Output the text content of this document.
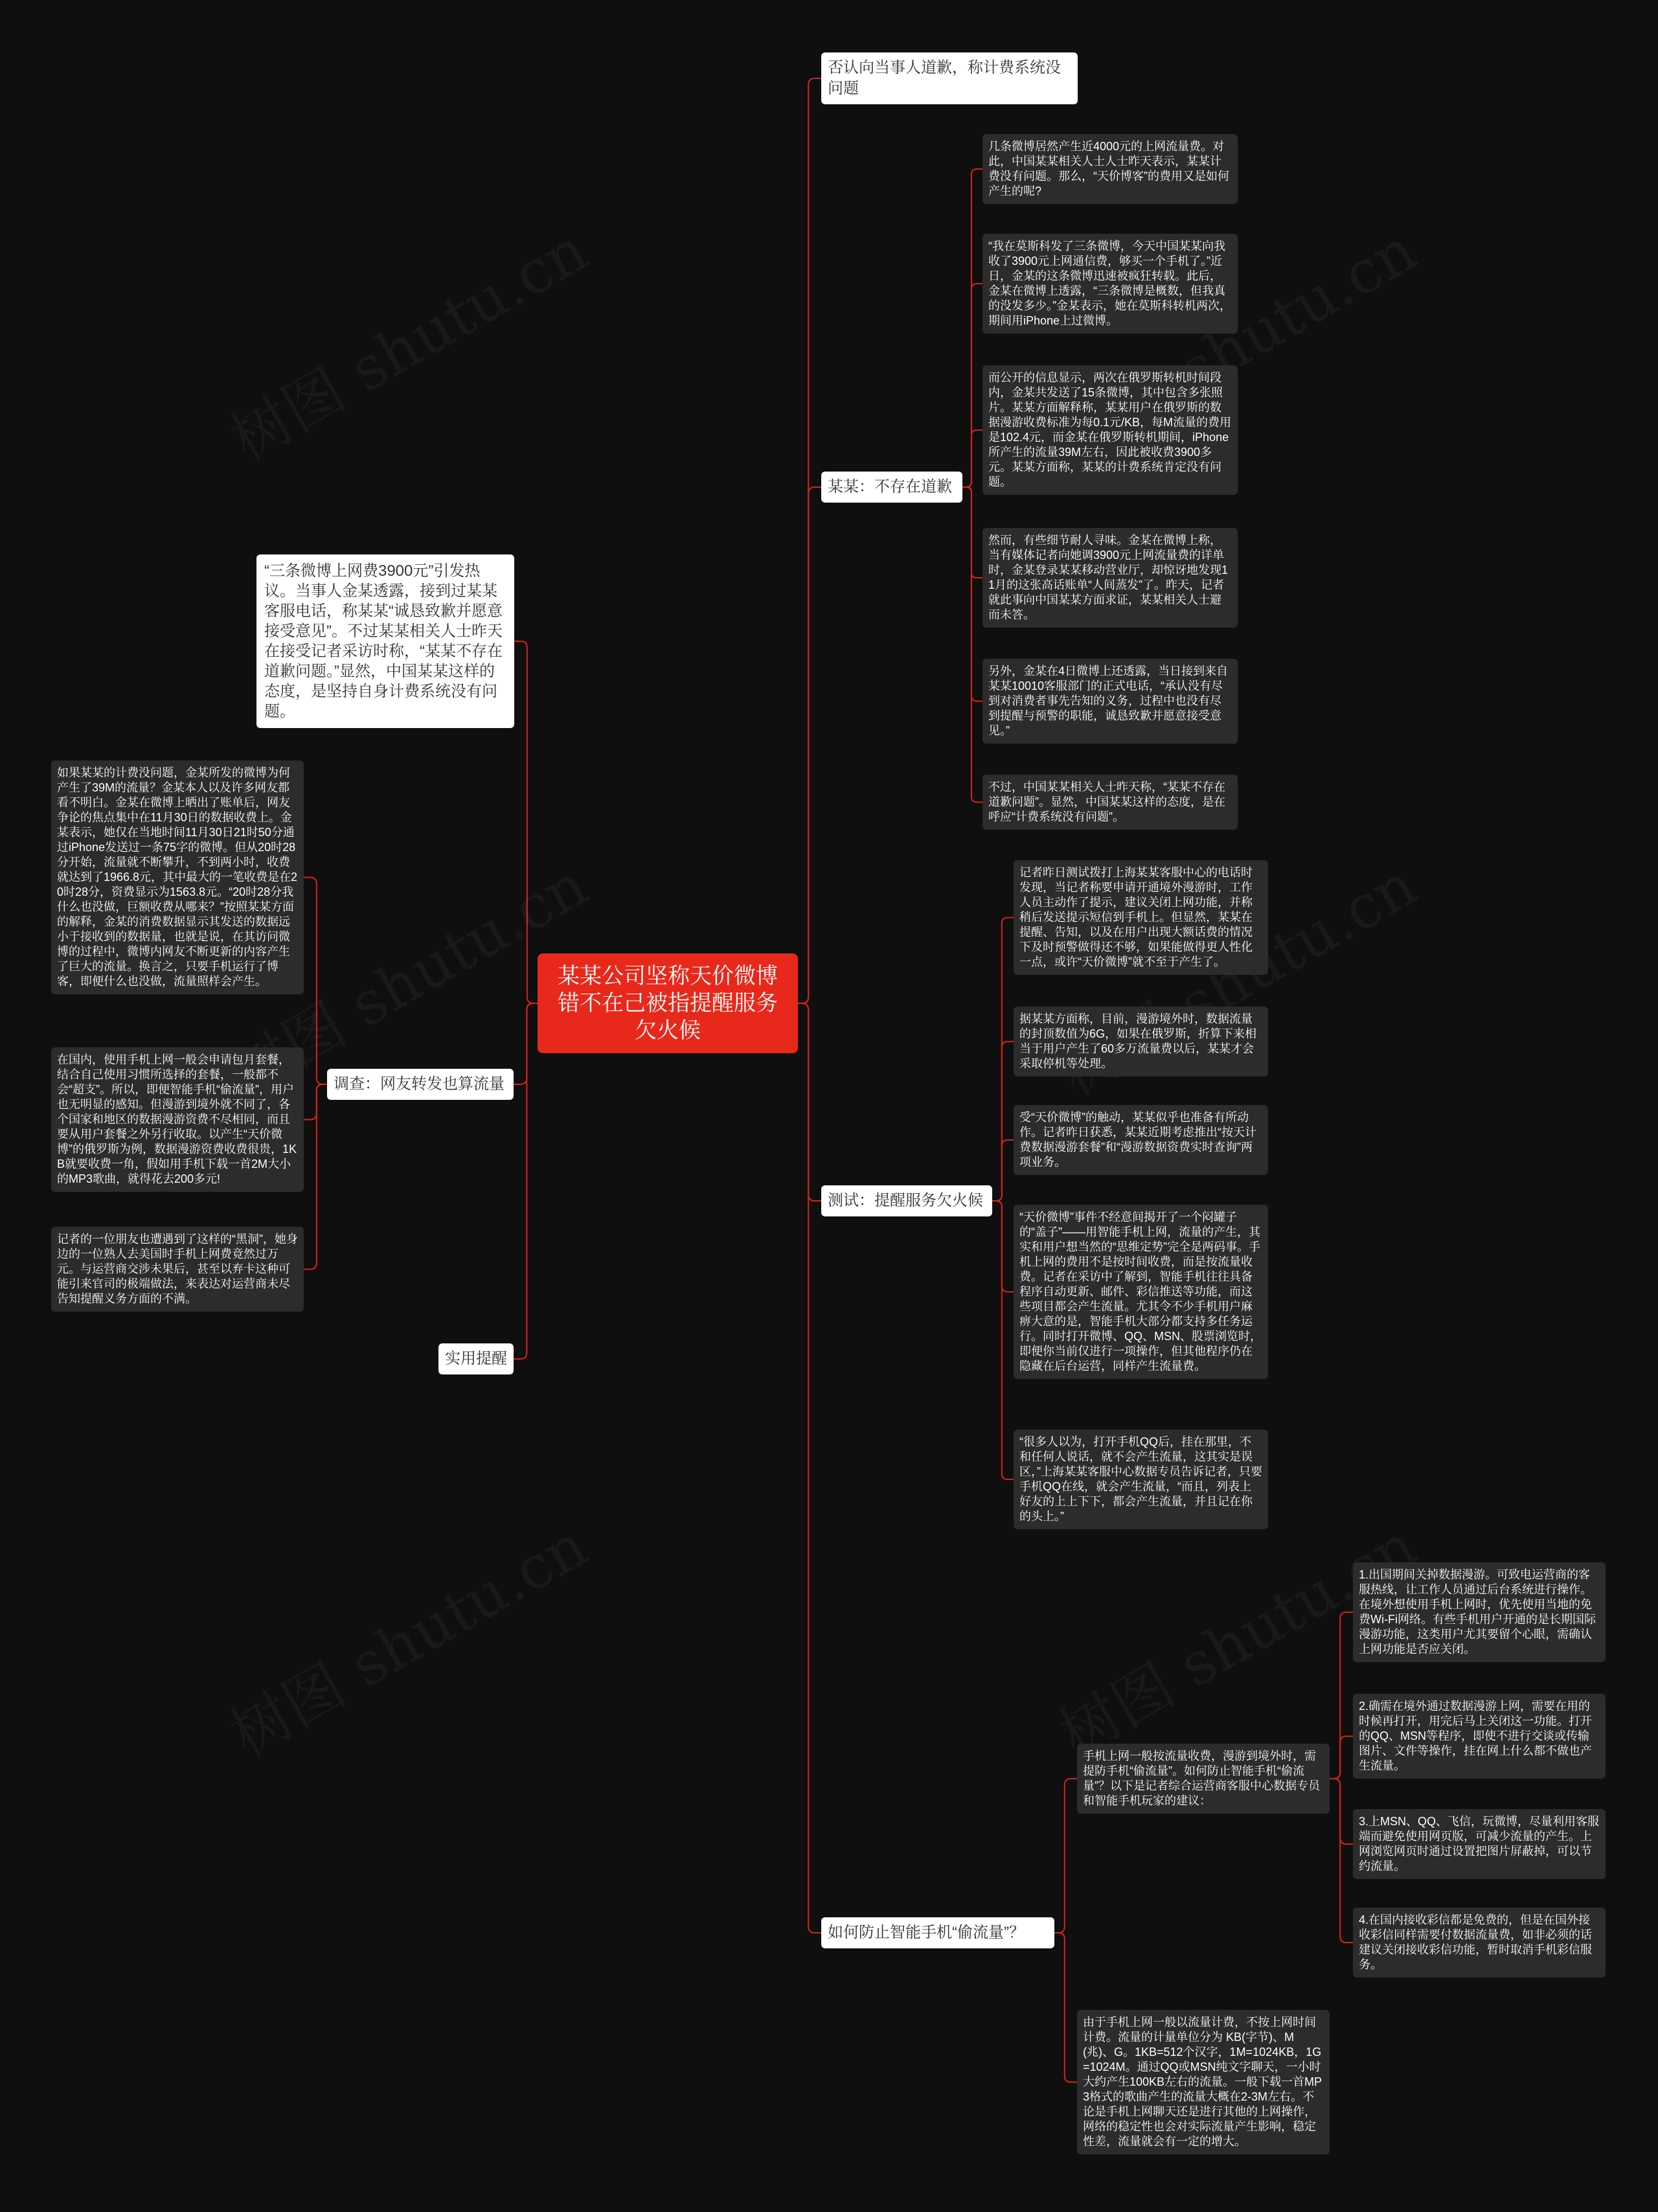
某某公司坚称天价微博错不在己被指提醒服务欠火候
“三条微博上网费3900元”引发热议。当事人金某透露，接到过某某客服电话，称某某“诚恳致歉并愿意接受意见”。不过某某相关人士昨天在接受记者采访时称，“某某不存在道歉问题。”显然，中国某某这样的态度，是坚持自身计费系统没有问题。
调查：网友转发也算流量
如果某某的计费没问题，金某所发的微博为何产生了39M的流量？金某本人以及许多网友都看不明白。金某在微博上晒出了账单后，网友争论的焦点集中在11月30日的数据收费上。金某表示，她仅在当地时间11月30日21时50分通过iPhone发送过一条75字的微博。但从20时28分开始，流量就不断攀升，不到两小时，收费就达到了1966.8元，其中最大的一笔收费是在20时28分，资费显示为1563.8元。“20时28分我什么也没做，巨额收费从哪来？”按照某某方面的解释，金某的消费数据显示其发送的数据远小于接收到的数据量，也就是说，在其访问微博的过程中，微博内网友不断更新的内容产生了巨大的流量。换言之，只要手机运行了博客，即便什么也没做，流量照样会产生。
在国内，使用手机上网一般会申请包月套餐，结合自己使用习惯所选择的套餐，一般都不会“超支”。所以，即便智能手机“偷流量”，用户也无明显的感知。但漫游到境外就不同了，各个国家和地区的数据漫游资费不尽相同，而且要从用户套餐之外另行收取。以产生“天价微博”的俄罗斯为例，数据漫游资费收费很贵，1KB就要收费一角，假如用手机下载一首2M大小的MP3歌曲，就得花去200多元!
记者的一位朋友也遭遇到了这样的“黑洞”，她身边的一位熟人去美国时手机上网费竟然过万元。与运营商交涉未果后，甚至以弃卡这种可能引来官司的极端做法，来表达对运营商未尽告知提醒义务方面的不满。
实用提醒
否认向当事人道歉，称计费系统没问题
某某：不存在道歉
几条微博居然产生近4000元的上网流量费。对此，中国某某相关人士人士昨天表示，某某计费没有问题。那么，“天价博客”的费用又是如何产生的呢?
“我在莫斯科发了三条微博，今天中国某某向我收了3900元上网通信费，够买一个手机了。”近日，金某的这条微博迅速被疯狂转载。此后，金某在微博上透露，“三条微博是概数，但我真的没发多少。”金某表示，她在莫斯科转机两次，期间用iPhone上过微博。
而公开的信息显示，两次在俄罗斯转机时间段内，金某共发送了15条微博，其中包含多张照片。某某方面解释称，某某用户在俄罗斯的数据漫游收费标准为每0.1元/KB，每M流量的费用是102.4元，而金某在俄罗斯转机期间，iPhone所产生的流量39M左右，因此被收费3900多元。某某方面称，某某的计费系统肯定没有问题。
然而，有些细节耐人寻味。金某在微博上称，当有媒体记者向她调3900元上网流量费的详单时，金某登录某某移动营业厅，却惊讶地发现11月的这张高话账单“人间蒸发”了。昨天，记者就此事向中国某某方面求证，某某相关人士避而未答。
另外，金某在4日微博上还透露，当日接到来自某某10010客服部门的正式电话，“承认没有尽到对消费者事先告知的义务，过程中也没有尽到提醒与预警的职能，诚恳致歉并愿意接受意见。”
不过，中国某某相关人士昨天称，“某某不存在道歉问题”。显然，中国某某这样的态度，是在呼应“计费系统没有问题”。
测试：提醒服务欠火候
记者昨日测试拨打上海某某客服中心的电话时发现，当记者称要申请开通境外漫游时，工作人员主动作了提示，建议关闭上网功能，并称稍后发送提示短信到手机上。但显然，某某在提醒、告知，以及在用户出现大额话费的情况下及时预警做得还不够，如果能做得更人性化一点，或许“天价微博”就不至于产生了。
据某某方面称，目前，漫游境外时，数据流量的封顶数值为6G，如果在俄罗斯，折算下来相当于用户产生了60多万流量费以后，某某才会采取停机等处理。
受“天价微博”的触动，某某似乎也准备有所动作。记者昨日获悉，某某近期考虑推出“按天计费数据漫游套餐”和“漫游数据资费实时查询”两项业务。
“天价微博”事件不经意间揭开了一个闷罐子的“盖子”——用智能手机上网，流量的产生，其实和用户想当然的“思维定势”完全是两码事。手机上网的费用不是按时间收费，而是按流量收费。记者在采访中了解到，智能手机往往具备程序自动更新、邮件、彩信推送等功能，而这些项目都会产生流量。尤其令不少手机用户麻痹大意的是，智能手机大部分都支持多任务运行。同时打开微博、QQ、MSN、股票浏览时，即便你当前仅进行一项操作，但其他程序仍在隐藏在后台运营，同样产生流量费。
“很多人以为，打开手机QQ后，挂在那里，不和任何人说话，就不会产生流量，这其实是误区，”上海某某客服中心数据专员告诉记者，只要手机QQ在线，就会产生流量，“而且，列表上好友的上上下下，都会产生流量，并且记在你的头上。”
如何防止智能手机“偷流量”？
手机上网一般按流量收费，漫游到境外时，需提防手机“偷流量”。如何防止智能手机“偷流量”？以下是记者综合运营商客服中心数据专员和智能手机玩家的建议：
1.出国期间关掉数据漫游。可致电运营商的客服热线，让工作人员通过后台系统进行操作。在境外想使用手机上网时，优先使用当地的免费Wi-Fi网络。有些手机用户开通的是长期国际漫游功能，这类用户尤其要留个心眼，需确认上网功能是否应关闭。
2.确需在境外通过数据漫游上网，需要在用的时候再打开，用完后马上关闭这一功能。打开的QQ、MSN等程序，即使不进行交谈或传输图片、文件等操作，挂在网上什么都不做也产生流量。
3.上MSN、QQ、飞信，玩微博，尽量利用客服端而避免使用网页版，可减少流量的产生。上网浏览网页时通过设置把图片屏蔽掉，可以节约流量。
4.在国内接收彩信都是免费的，但是在国外接收彩信同样需要付数据流量费，如非必须的话建议关闭接收彩信功能，暂时取消手机彩信服务。
由于手机上网一般以流量计费，不按上网时间计费。流量的计量单位分为 KB(字节)、M(兆)、G。1KB=512个汉字，1M=1024KB，1G=1024M。通过QQ或MSN纯文字聊天，一小时大约产生100KB左右的流量。一般下载一首MP3格式的歌曲产生的流量大概在2-3M左右。不论是手机上网聊天还是进行其他的上网操作，网络的稳定性也会对实际流量产生影响，稳定性差，流量就会有一定的增大。
